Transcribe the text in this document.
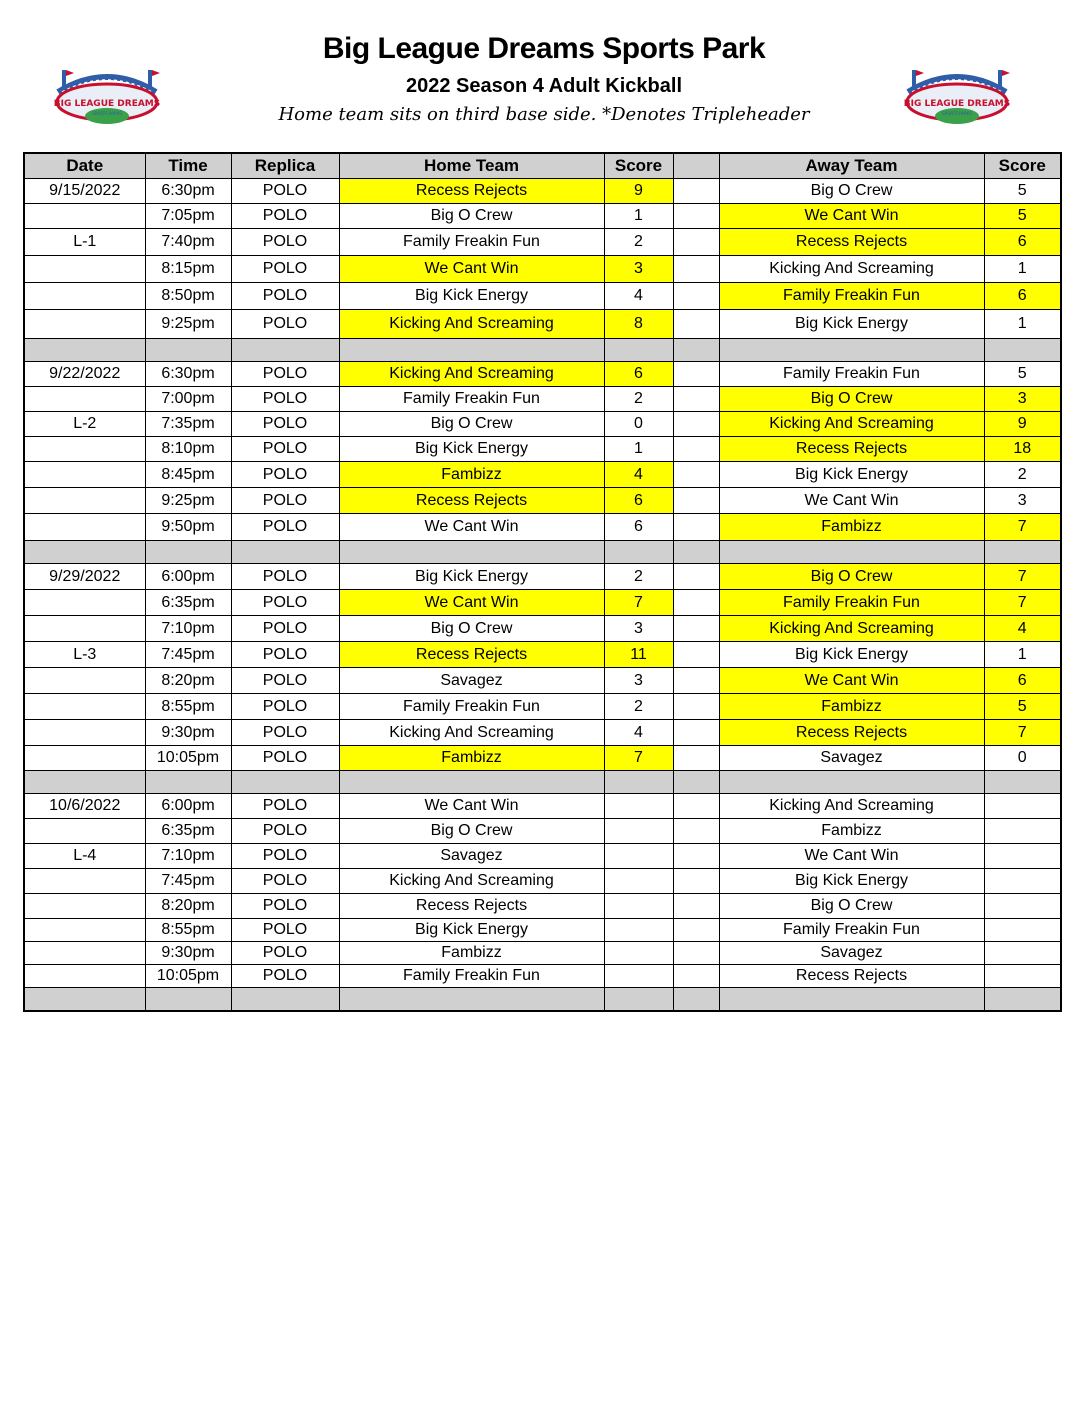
Big League Dreams Sports Park
2022 Season 4 Adult Kickball
Home team sits on third base side. *Denotes Tripleheader
BIG LEAGUE DREAMS
SPORTS PARKS
BIG LEAGUE DREAMS
SPORTS PARKS
Date	Time	Replica	Home Team	Score		Away Team	Score
9/15/2022	6:30pm	POLO	Recess Rejects	9		Big O Crew	5
	7:05pm	POLO	Big O Crew	1		We Cant Win	5
L-1	7:40pm	POLO	Family Freakin Fun	2		Recess Rejects	6
	8:15pm	POLO	We Cant Win	3		Kicking And Screaming	1
	8:50pm	POLO	Big Kick Energy	4		Family Freakin Fun	6
	9:25pm	POLO	Kicking And Screaming	8		Big Kick Energy	1

9/22/2022	6:30pm	POLO	Kicking And Screaming	6		Family Freakin Fun	5
	7:00pm	POLO	Family Freakin Fun	2		Big O Crew	3
L-2	7:35pm	POLO	Big O Crew	0		Kicking And Screaming	9
	8:10pm	POLO	Big Kick Energy	1		Recess Rejects	18
	8:45pm	POLO	Fambizz	4		Big Kick Energy	2
	9:25pm	POLO	Recess Rejects	6		We Cant Win	3
	9:50pm	POLO	We Cant Win	6		Fambizz	7

9/29/2022	6:00pm	POLO	Big Kick Energy	2		Big O Crew	7
	6:35pm	POLO	We Cant Win	7		Family Freakin Fun	7
	7:10pm	POLO	Big O Crew	3		Kicking And Screaming	4
L-3	7:45pm	POLO	Recess Rejects	11		Big Kick Energy	1
	8:20pm	POLO	Savagez	3		We Cant Win	6
	8:55pm	POLO	Family Freakin Fun	2		Fambizz	5
	9:30pm	POLO	Kicking And Screaming	4		Recess Rejects	7
	10:05pm	POLO	Fambizz	7		Savagez	0

10/6/2022	6:00pm	POLO	We Cant Win			Kicking And Screaming	
	6:35pm	POLO	Big O Crew			Fambizz	
L-4	7:10pm	POLO	Savagez			We Cant Win	
	7:45pm	POLO	Kicking And Screaming			Big Kick Energy	
	8:20pm	POLO	Recess Rejects			Big O Crew	
	8:55pm	POLO	Big Kick Energy			Family Freakin Fun	
	9:30pm	POLO	Fambizz			Savagez	
	10:05pm	POLO	Family Freakin Fun			Recess Rejects	
